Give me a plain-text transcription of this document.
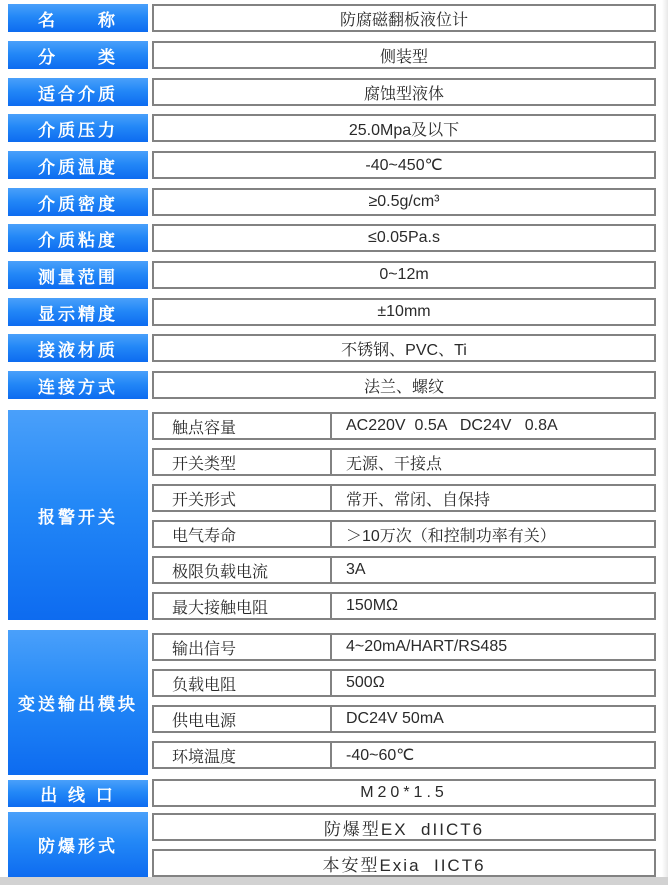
名　　称	防腐磁翻板液位计
分　　类	侧装型
适合介质	腐蚀型液体
介质压力	25.0Mpa及以下
介质温度	-40~450℃
介质密度	≥0.5g/cm³
介质粘度	≤0.05Pa.s
测量范围	0~12m
显示精度	±10mm
接液材质	不锈钢、PVC、Ti
连接方式	法兰、螺纹
报警开关
触点容量	AC220V  0.5A   DC24V   0.8A
开关类型	无源、干接点
开关形式	常开、常闭、自保持
电气寿命	＞10万次（和控制功率有关）
极限负载电流	3A
最大接触电阻	150MΩ
变送输出模块
输出信号	4~20mA/HART/RS485
负载电阻	500Ω
供电电源	DC24V 50mA
环境温度	-40~60℃
出 线 口	M20*1.5
防爆形式
防爆型EX  dIICT6
本安型Exia  IICT6
